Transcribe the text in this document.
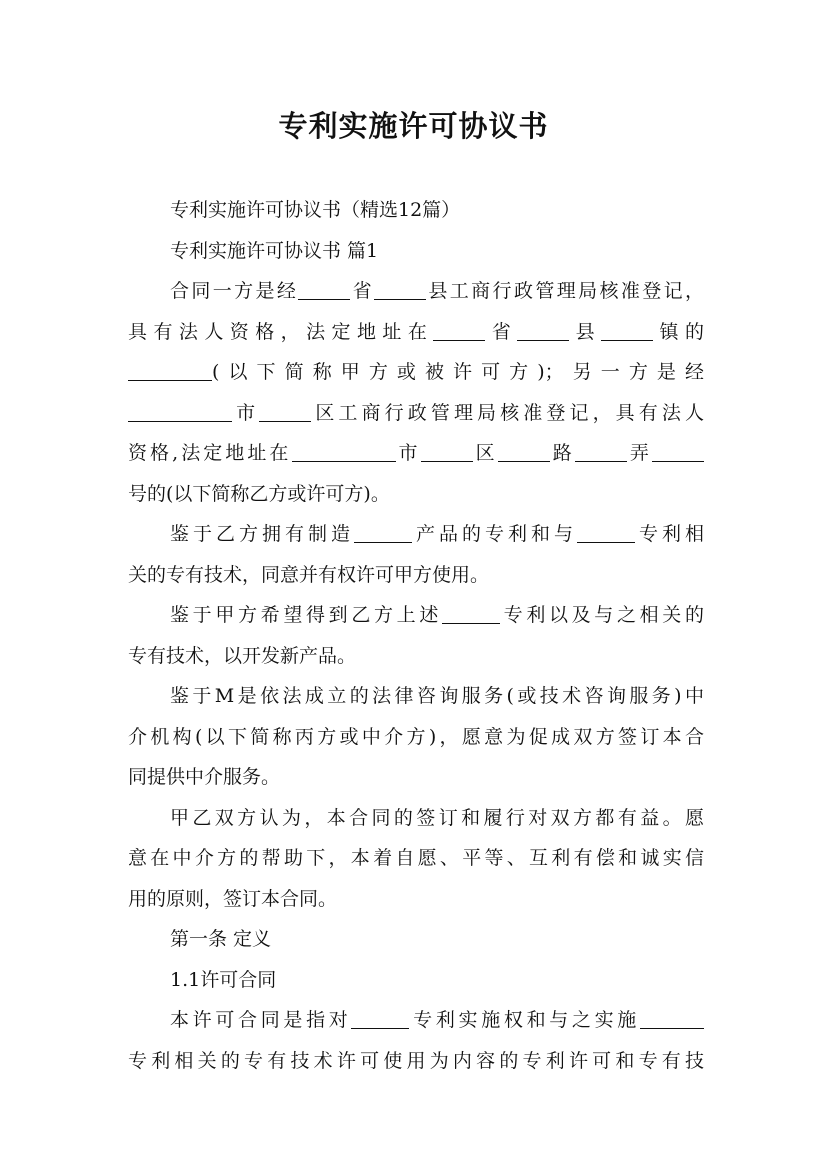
专利实施许可协议书
专利实施许可协议书（精选12篇）
专利实施许可协议书 篇1
合同一方是经	省	县工商行政管理局核准登记，
具有法人资格，法定地址在	省	县	镇的
(以下简称甲方或被许可方)；另一方是经
市	区工商行政管理局核准登记，具有法人
资格,法定地址在	市	区	路	弄
号的(以下简称乙方或许可方)。
鉴于乙方拥有制造	产品的专利和与	专利相
关的专有技术，同意并有权许可甲方使用。
鉴于甲方希望得到乙方上述	专利以及与之相关的
专有技术，以开发新产品。
鉴于M是依法成立的法律咨询服务(或技术咨询服务)中
介机构(以下简称丙方或中介方)，愿意为促成双方签订本合
同提供中介服务。
甲乙双方认为，本合同的签订和履行对双方都有益。愿
意在中介方的帮助下，本着自愿、平等、互利有偿和诚实信
用的原则，签订本合同。
第一条 定义
1.1许可合同
本许可合同是指对	专利实施权和与之实施
专利相关的专有技术许可使用为内容的专利许可和专有技
